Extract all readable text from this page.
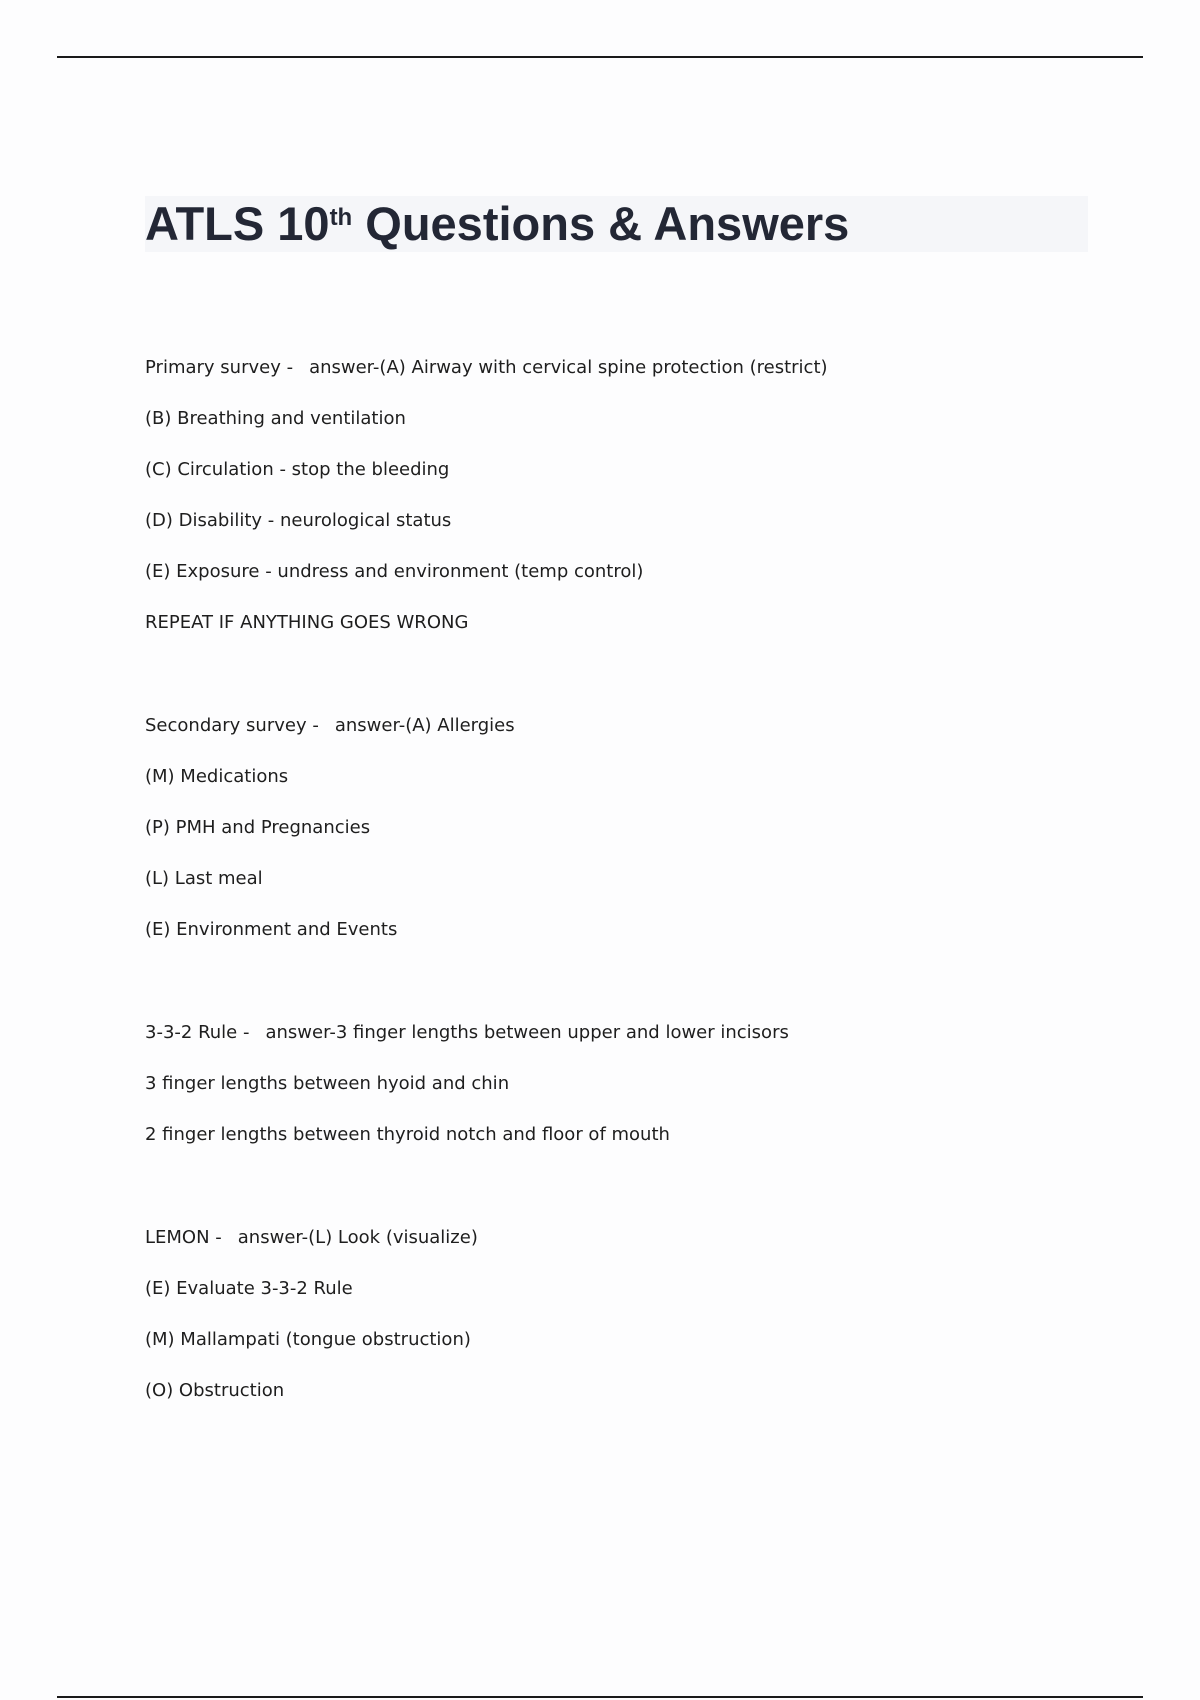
ATLS 10th Questions & Answers
Primary survey - answer-(A) Airway with cervical spine protection (restrict)
(B) Breathing and ventilation
(C) Circulation - stop the bleeding
(D) Disability - neurological status
(E) Exposure - undress and environment (temp control)
REPEAT IF ANYTHING GOES WRONG
Secondary survey - answer-(A) Allergies
(M) Medications
(P) PMH and Pregnancies
(L) Last meal
(E) Environment and Events
3-3-2 Rule - answer-3 finger lengths between upper and lower incisors
3 finger lengths between hyoid and chin
2 finger lengths between thyroid notch and floor of mouth
LEMON - answer-(L) Look (visualize)
(E) Evaluate 3-3-2 Rule
(M) Mallampati (tongue obstruction)
(O) Obstruction
